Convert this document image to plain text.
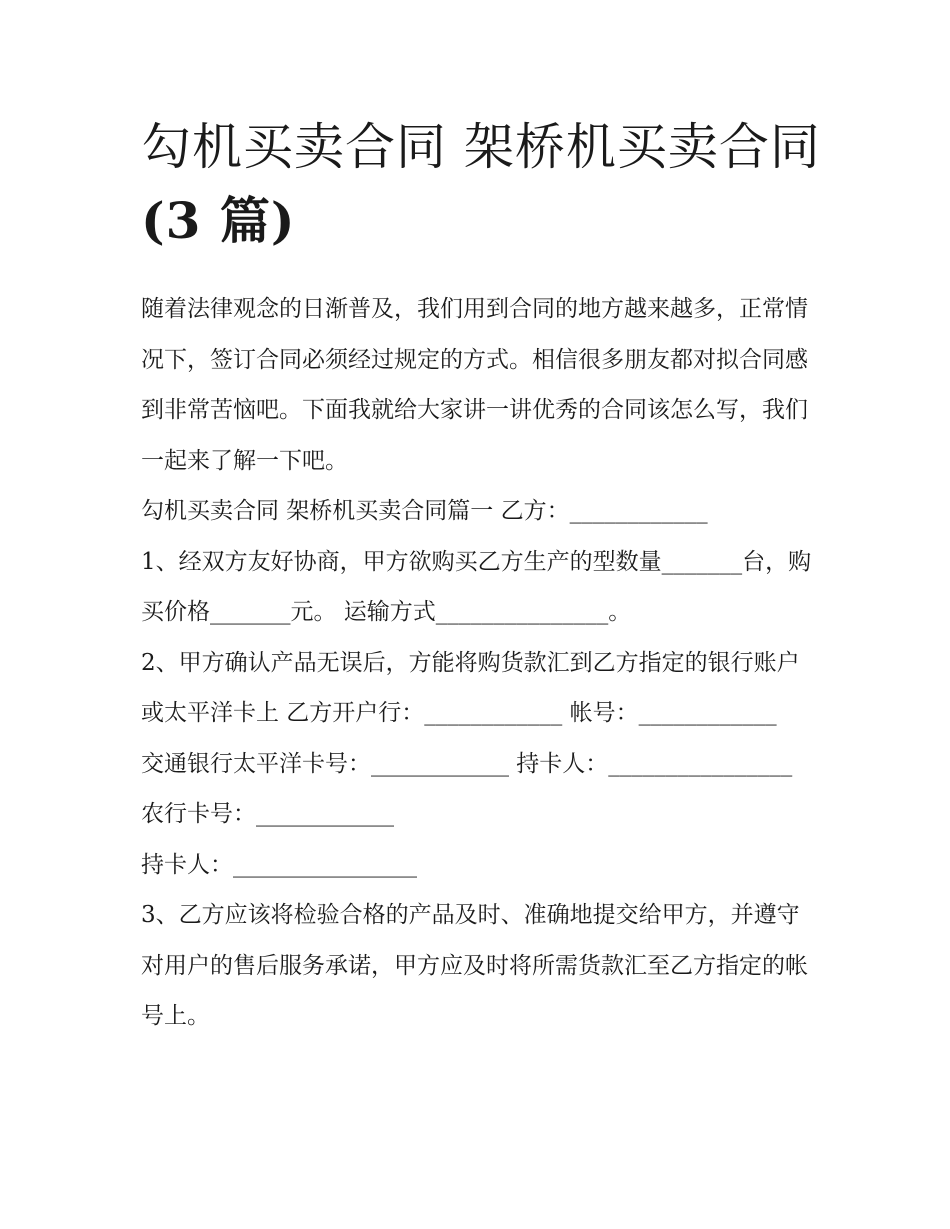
勾机买卖合同 架桥机买卖合同
(3 篇)

随着法律观念的日渐普及，我们用到合同的地方越来越多，正常情况下，签订合同必须经过规定的方式。相信很多朋友都对拟合同感到非常苦恼吧。下面我就给大家讲一讲优秀的合同该怎么写，我们一起来了解一下吧。

勾机买卖合同 架桥机买卖合同篇一 乙方：____________

1、经双方友好协商，甲方欲购买乙方生产的型数量_______台，购买价格_______元。 运输方式_______________。

2、甲方确认产品无误后，方能将购货款汇到乙方指定的银行账户或太平洋卡上 乙方开户行：____________ 帐号：____________

交通银行太平洋卡号：____________ 持卡人：________________ 农行卡号：____________

持卡人：________________

3、乙方应该将检验合格的产品及时、准确地提交给甲方，并遵守对用户的售后服务承诺，甲方应及时将所需货款汇至乙方指定的帐号上。
